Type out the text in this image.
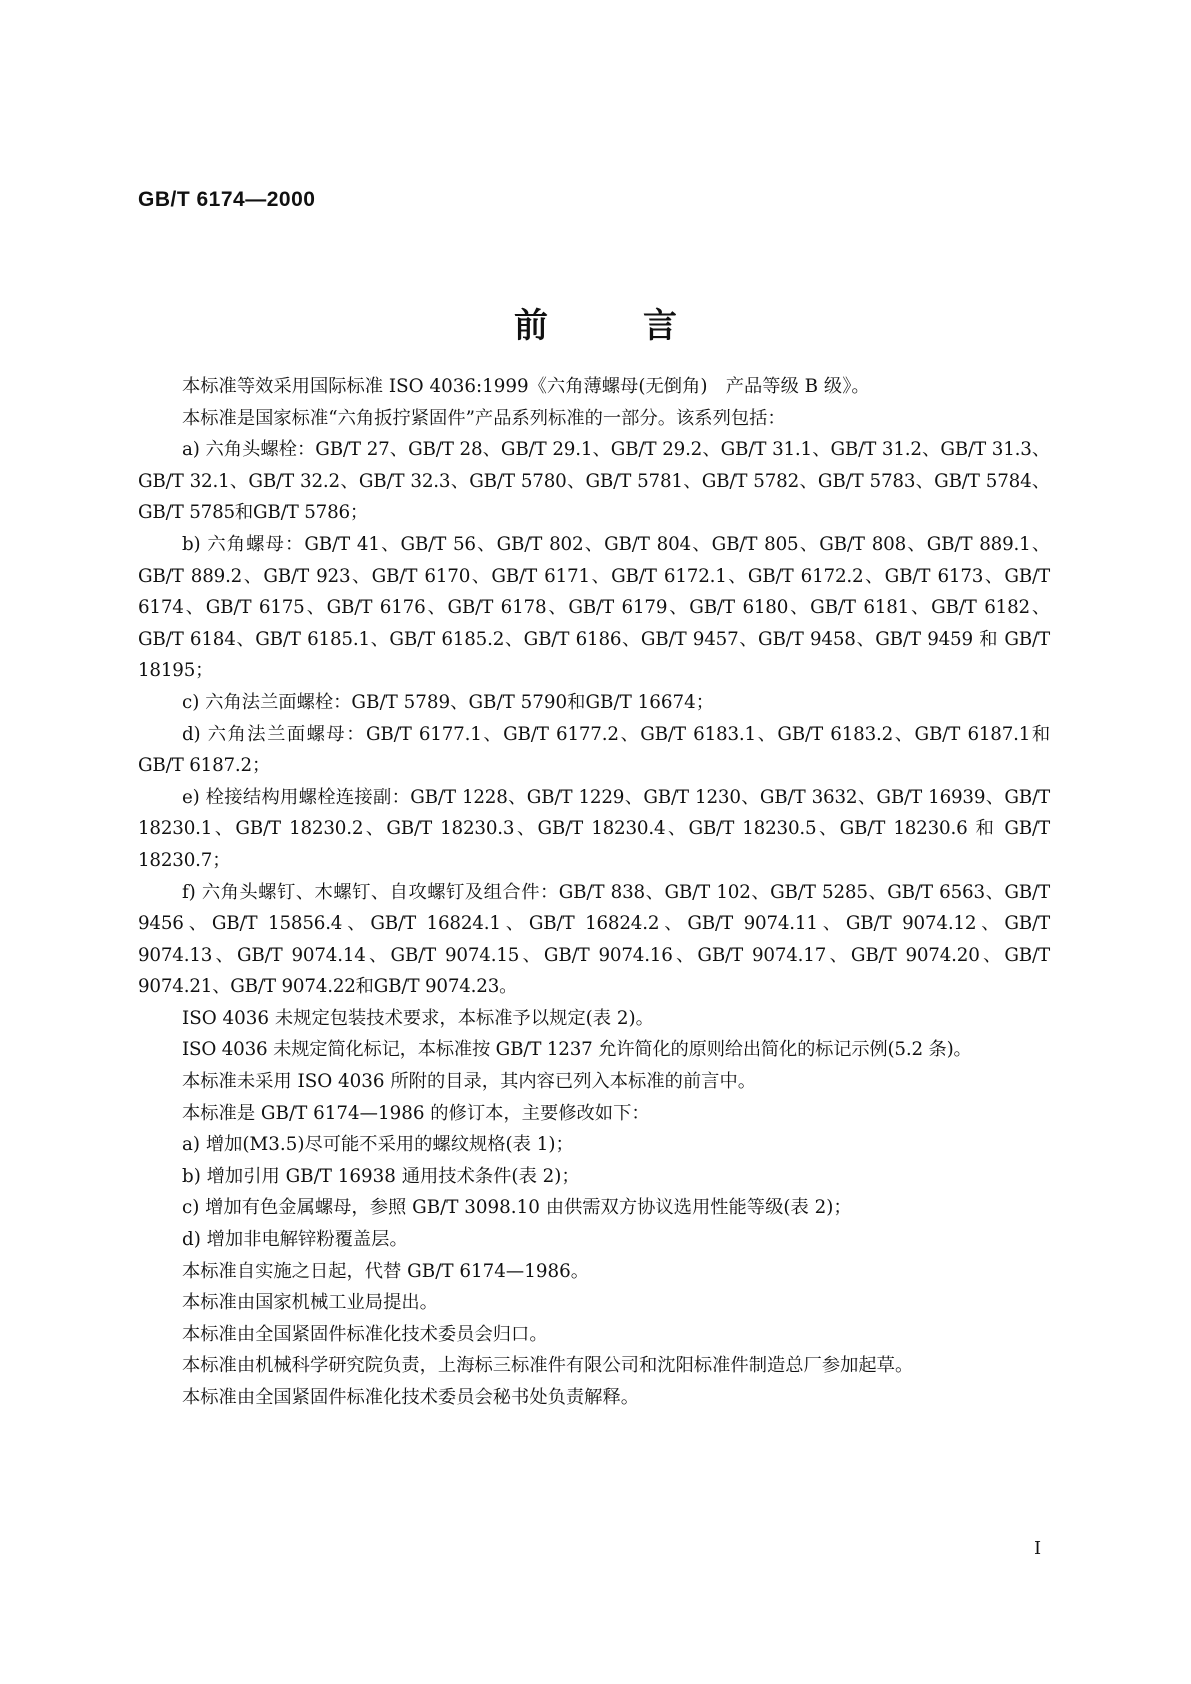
GB/T 6174—2000

前言

本标准等效采用国际标准 ISO 4036:1999《六角薄螺母(无倒角)　产品等级 B 级》。

本标准是国家标准“六角扳拧紧固件”产品系列标准的一部分。该系列包括：

a) 六角头螺栓：GB/T 27、GB/T 28、GB/T 29.1、GB/T 29.2、GB/T 31.1、GB/T 31.2、GB/T 31.3、GB/T 32.1、GB/T 32.2、GB/T 32.3、GB/T 5780、GB/T 5781、GB/T 5782、GB/T 5783、GB/T 5784、GB/T 5785和GB/T 5786；

b) 六角螺母：GB/T 41、GB/T 56、GB/T 802、GB/T 804、GB/T 805、GB/T 808、GB/T 889.1、GB/T 889.2、GB/T 923、GB/T 6170、GB/T 6171、GB/T 6172.1、GB/T 6172.2、GB/T 6173、GB/T 6174、GB/T 6175、GB/T 6176、GB/T 6178、GB/T 6179、GB/T 6180、GB/T 6181、GB/T 6182、GB/T 6184、GB/T 6185.1、GB/T 6185.2、GB/T 6186、GB/T 9457、GB/T 9458、GB/T 9459 和 GB/T 18195；

c) 六角法兰面螺栓：GB/T 5789、GB/T 5790和GB/T 16674；

d) 六角法兰面螺母：GB/T 6177.1、GB/T 6177.2、GB/T 6183.1、GB/T 6183.2、GB/T 6187.1和 GB/T 6187.2；

e) 栓接结构用螺栓连接副：GB/T 1228、GB/T 1229、GB/T 1230、GB/T 3632、GB/T 16939、GB/T 18230.1、GB/T 18230.2、GB/T 18230.3、GB/T 18230.4、GB/T 18230.5、GB/T 18230.6 和 GB/T 18230.7；

f) 六角头螺钉、木螺钉、自攻螺钉及组合件：GB/T 838、GB/T 102、GB/T 5285、GB/T 6563、GB/T 9456、GB/T 15856.4、GB/T 16824.1、GB/T 16824.2、GB/T 9074.11、GB/T 9074.12、GB/T 9074.13、GB/T 9074.14、GB/T 9074.15、GB/T 9074.16、GB/T 9074.17、GB/T 9074.20、GB/T 9074.21、GB/T 9074.22和GB/T 9074.23。

ISO 4036 未规定包装技术要求，本标准予以规定(表 2)。

ISO 4036 未规定简化标记，本标准按 GB/T 1237 允许简化的原则给出简化的标记示例(5.2 条)。

本标准未采用 ISO 4036 所附的目录，其内容已列入本标准的前言中。

本标准是 GB/T 6174—1986 的修订本，主要修改如下：

a) 增加(M3.5)尽可能不采用的螺纹规格(表 1)；

b) 增加引用 GB/T 16938 通用技术条件(表 2)；

c) 增加有色金属螺母，参照 GB/T 3098.10 由供需双方协议选用性能等级(表 2)；

d) 增加非电解锌粉覆盖层。

本标准自实施之日起，代替 GB/T 6174—1986。

本标准由国家机械工业局提出。

本标准由全国紧固件标准化技术委员会归口。

本标准由机械科学研究院负责，上海标三标准件有限公司和沈阳标准件制造总厂参加起草。

本标准由全国紧固件标准化技术委员会秘书处负责解释。

I
